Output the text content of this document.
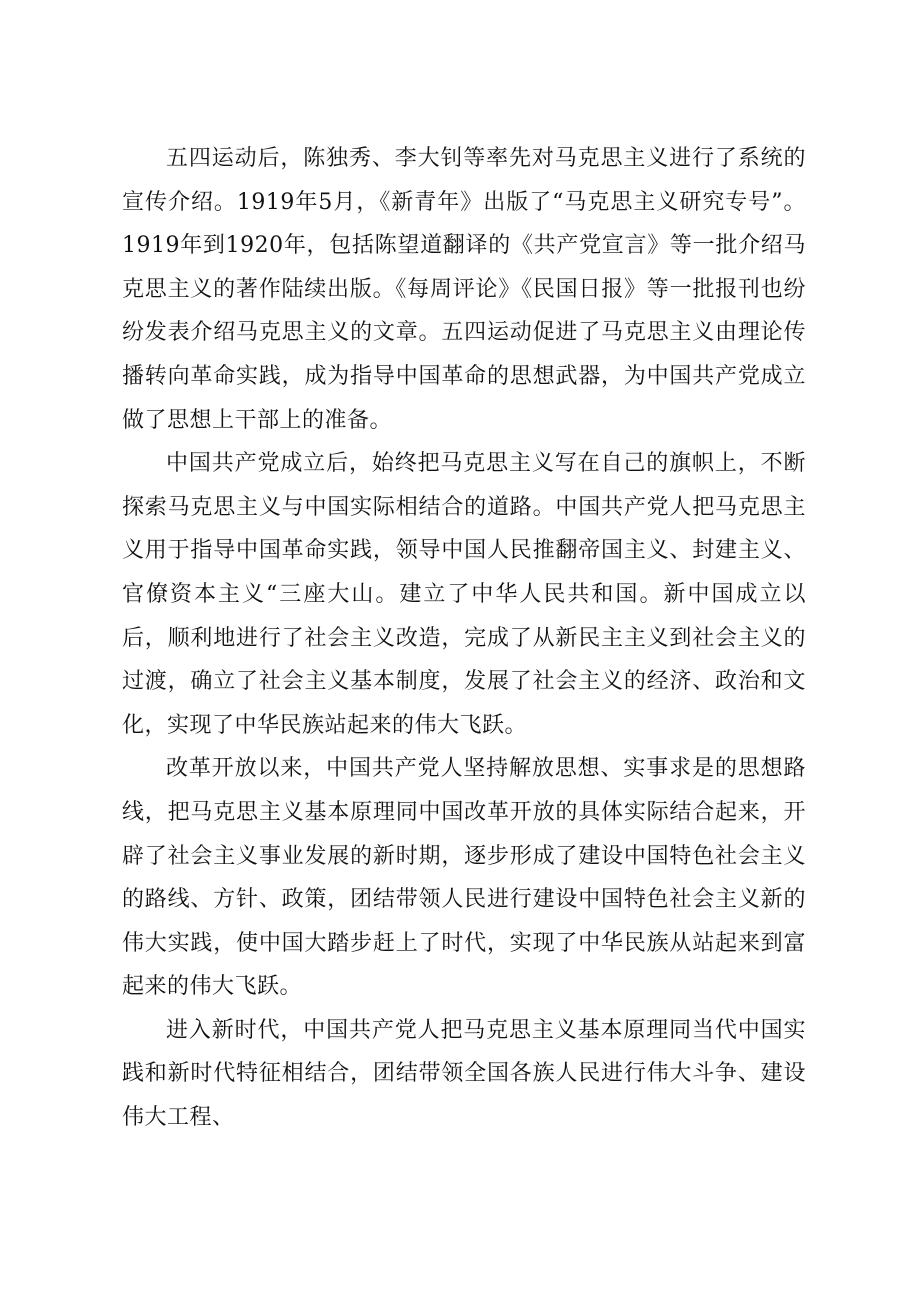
五四运动后，陈独秀、李大钊等率先对马克思主义进行了系统的宣传介绍。1919年5月，《新青年》出版了“马克思主义研究专号”。1919年到1920年，包括陈望道翻译的《共产党宣言》等一批介绍马克思主义的著作陆续出版。《每周评论》《民国日报》等一批报刊也纷纷发表介绍马克思主义的文章。五四运动促进了马克思主义由理论传播转向革命实践，成为指导中国革命的思想武器，为中国共产党成立做了思想上干部上的准备。

中国共产党成立后，始终把马克思主义写在自己的旗帜上，不断探索马克思主义与中国实际相结合的道路。中国共产党人把马克思主义用于指导中国革命实践，领导中国人民推翻帝国主义、封建主义、官僚资本主义“三座大山。建立了中华人民共和国。新中国成立以后，顺利地进行了社会主义改造，完成了从新民主主义到社会主义的过渡，确立了社会主义基本制度，发展了社会主义的经济、政治和文化，实现了中华民族站起来的伟大飞跃。

改革开放以来，中国共产党人坚持解放思想、实事求是的思想路线，把马克思主义基本原理同中国改革开放的具体实际结合起来，开辟了社会主义事业发展的新时期，逐步形成了建设中国特色社会主义的路线、方针、政策，团结带领人民进行建设中国特色社会主义新的伟大实践，使中国大踏步赶上了时代，实现了中华民族从站起来到富起来的伟大飞跃。

进入新时代，中国共产党人把马克思主义基本原理同当代中国实践和新时代特征相结合，团结带领全国各族人民进行伟大斗争、建设伟大工程、
